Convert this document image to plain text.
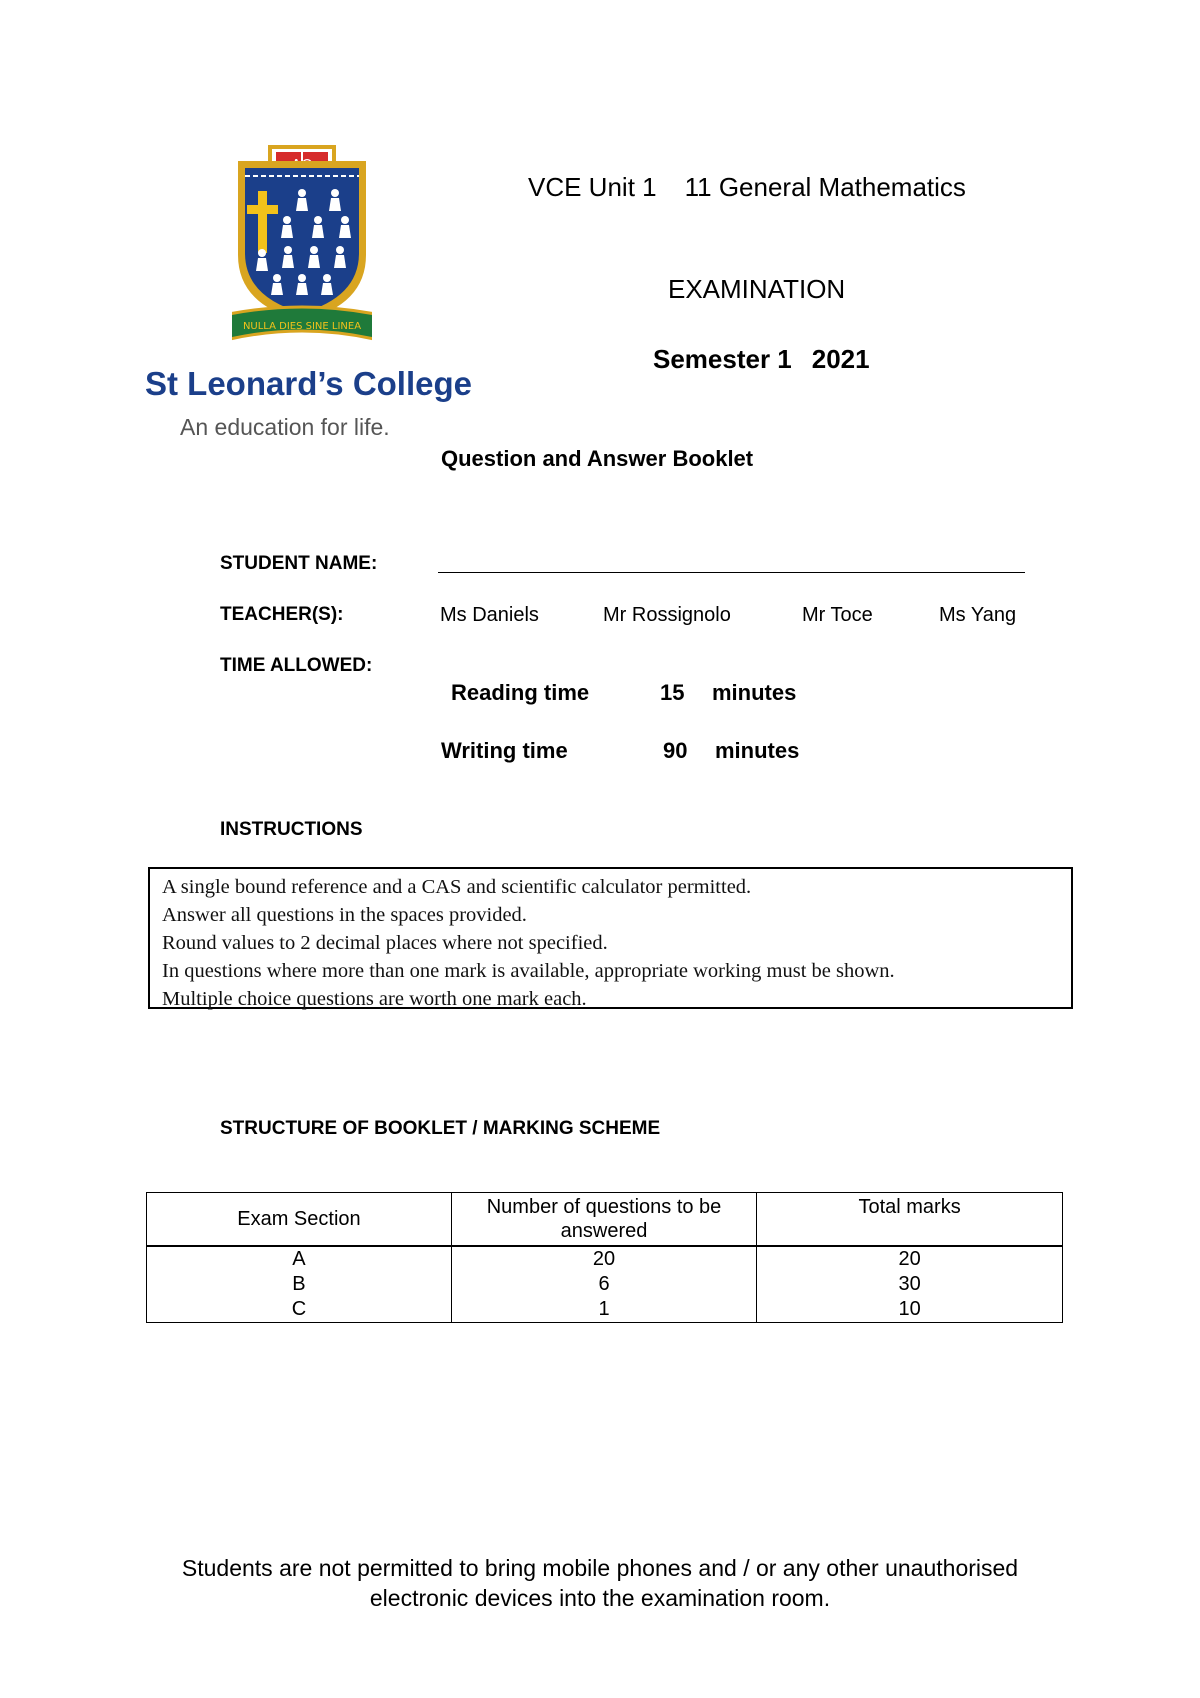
NULLA DIES SINE LINEA
St Leonard’s College
An education for life.
VCE Unit 1 11 General Mathematics
EXAMINATION
Semester 1 2021
Question and Answer Booklet
STUDENT NAME:
TEACHER(S):	Ms Daniels	Mr Rossignolo	Mr Toce	Ms Yang
TIME ALLOWED:
Reading time	15 minutes
Writing time	90 minutes
INSTRUCTIONS
A single bound reference and a CAS and scientific calculator permitted.
Answer all questions in the spaces provided.
Round values to 2 decimal places where not specified.
In questions where more than one mark is available, appropriate working must be shown.
Multiple choice questions are worth one mark each.
STRUCTURE OF BOOKLET / MARKING SCHEME
Exam Section	Number of questions to be answered	Total marks
A	20	20
B	6	30
C	1	10
Students are not permitted to bring mobile phones and / or any other unauthorised
electronic devices into the examination room.
